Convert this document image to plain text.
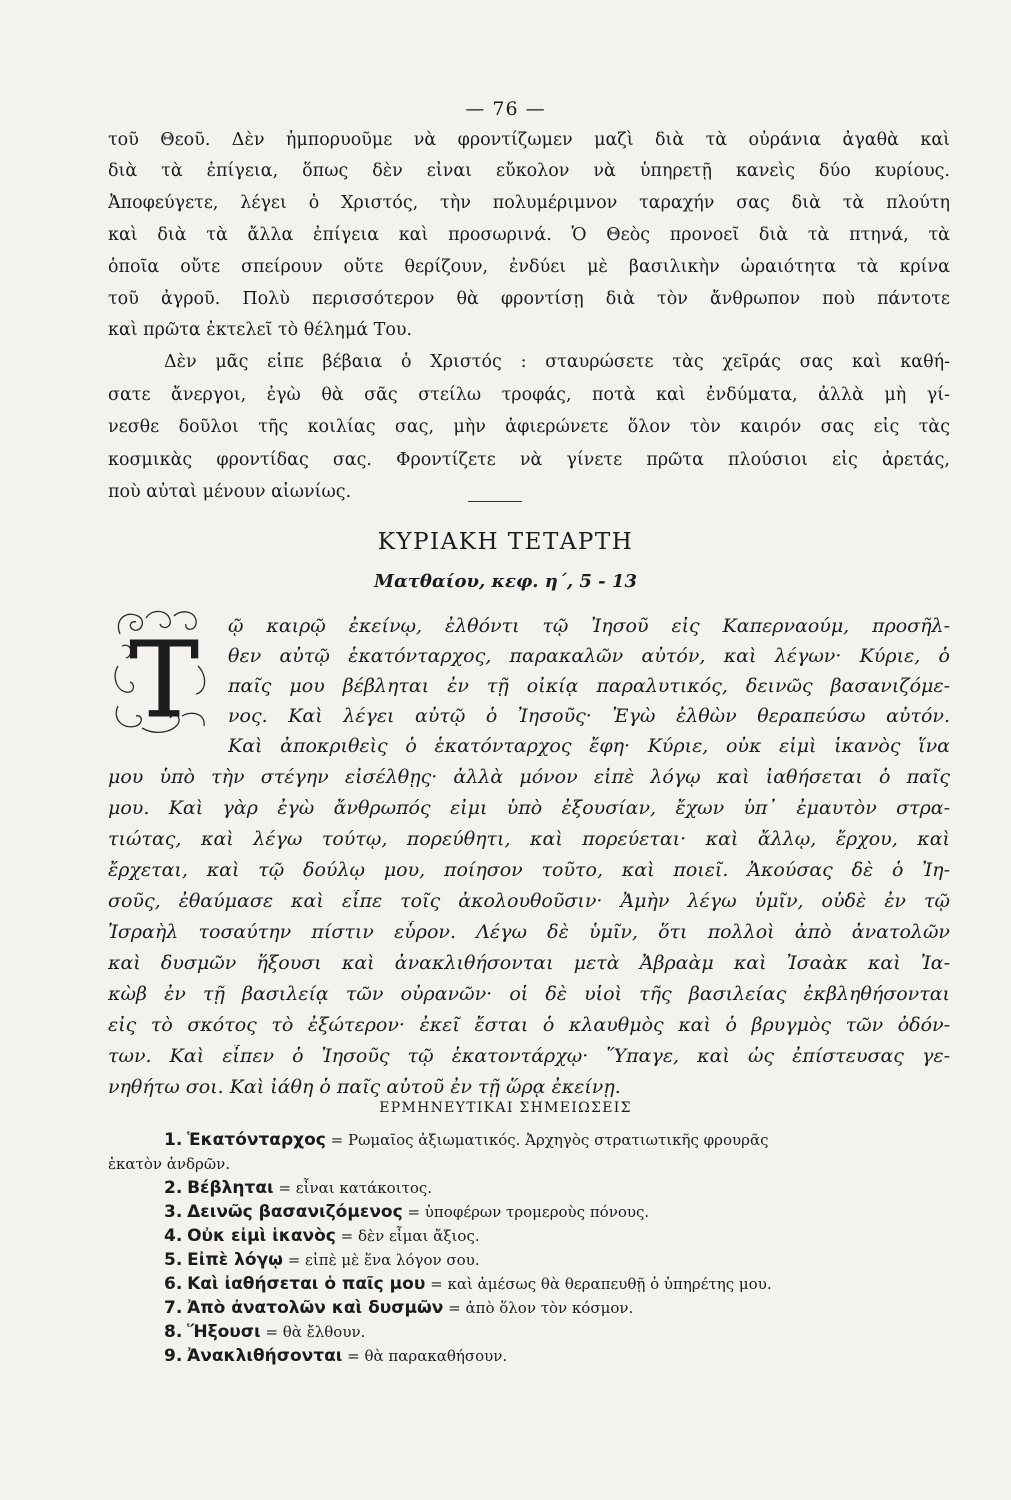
— 76 —
τοῦ Θεοῦ. Δὲν ἠμπορυοῦμε νὰ φροντίζωμεν μαζὶ διὰ τὰ οὐράνια ἀγαθὰ καὶ
διὰ τὰ ἐπίγεια, ὅπως δὲν εἶναι εὔκολον νὰ ὑπηρετῇ κανεὶς δύο κυρίους.
Ἀποφεύγετε, λέγει ὁ Χριστός, τὴν πολυμέριμνον ταραχήν σας διὰ τὰ πλούτη
καὶ διὰ τὰ ἄλλα ἐπίγεια καὶ προσωρινά. Ὁ Θεὸς προνοεῖ διὰ τὰ πτηνά, τὰ
ὁποῖα οὔτε σπείρουν οὔτε θερίζουν, ἐνδύει μὲ βασιλικὴν ὡραιότητα τὰ κρίνα
τοῦ ἀγροῦ. Πολὺ περισσότερον θὰ φροντίσῃ διὰ τὸν ἄνθρωπον ποὺ πάντοτε
καὶ πρῶτα ἐκτελεῖ τὸ θέλημά Του.
Δὲν μᾶς εἶπε βέβαια ὁ Χριστός : σταυρώσετε τὰς χεῖράς σας καὶ καθή-
σατε ἄνεργοι, ἐγὼ θὰ σᾶς στείλω τροφάς, ποτὰ καὶ ἐνδύματα, ἀλλὰ μὴ γί-
νεσθε δοῦλοι τῆς κοιλίας σας, μὴν ἀφιερώνετε ὅλον τὸν καιρόν σας εἰς τὰς
κοσμικὰς φροντίδας σας. Φροντίζετε νὰ γίνετε πρῶτα πλούσιοι εἰς ἀρετάς,
ποὺ αὐταὶ μένουν αἰωνίως.
ΚΥΡΙΑΚΗ ΤΕΤΑΡΤΗ
Ματθαίου, κεφ. η΄, 5 - 13
Τ ῷ καιρῷ ἐκείνῳ, ἐλθόντι τῷ Ἰησοῦ εἰς Καπερναούμ, προσῆλ-
θεν αὐτῷ ἑκατόνταρχος, παρακαλῶν αὐτόν, καὶ λέγων· Κύριε, ὁ
παῖς μου βέβληται ἐν τῇ οἰκίᾳ παραλυτικός, δεινῶς βασανιζόμε-
νος. Καὶ λέγει αὐτῷ ὁ Ἰησοῦς· Ἐγὼ ἐλθὼν θεραπεύσω αὐτόν.
Καὶ ἀποκριθεὶς ὁ ἑκατόνταρχος ἔφη· Κύριε, οὐκ εἰμὶ ἱκανὸς ἵνα
μου ὑπὸ τὴν στέγην εἰσέλθῃς· ἀλλὰ μόνον εἰπὲ λόγῳ καὶ ἰαθήσεται ὁ παῖς
μου. Καὶ γὰρ ἐγὼ ἄνθρωπός εἰμι ὑπὸ ἐξουσίαν, ἔχων ὑπ᾿ ἐμαυτὸν στρα-
τιώτας, καὶ λέγω τούτῳ, πορεύθητι, καὶ πορεύεται· καὶ ἄλλῳ, ἔρχου, καὶ
ἔρχεται, καὶ τῷ δούλῳ μου, ποίησον τοῦτο, καὶ ποιεῖ. Ἀκούσας δὲ ὁ Ἰη-
σοῦς, ἐθαύμασε καὶ εἶπε τοῖς ἀκολουθοῦσιν· Ἀμὴν λέγω ὑμῖν, οὐδὲ ἐν τῷ
Ἰσραὴλ τοσαύτην πίστιν εὗρον. Λέγω δὲ ὑμῖν, ὅτι πολλοὶ ἀπὸ ἀνατολῶν
καὶ δυσμῶν ἥξουσι καὶ ἀνακλιθήσονται μετὰ Ἀβραὰμ καὶ Ἰσαὰκ καὶ Ἰα-
κὼβ ἐν τῇ βασιλείᾳ τῶν οὐρανῶν· οἱ δὲ υἱοὶ τῆς βασιλείας ἐκβληθήσονται
εἰς τὸ σκότος τὸ ἐξώτερον· ἐκεῖ ἔσται ὁ κλαυθμὸς καὶ ὁ βρυγμὸς τῶν ὀδόν-
των. Καὶ εἶπεν ὁ Ἰησοῦς τῷ ἑκατοντάρχῳ· Ὕπαγε, καὶ ὡς ἐπίστευσας γε-
νηθήτω σοι. Καὶ ἰάθη ὁ παῖς αὐτοῦ ἐν τῇ ὥρᾳ ἐκείνῃ.
ΕΡΜΗΝΕΥΤΙΚΑΙ ΣΗΜΕΙΩΣΕΙΣ
1. Ἑκατόνταρχος = Ρωμαῖος ἀξιωματικός. Ἀρχηγὸς στρατιωτικῆς φρουρᾶς
ἑκατὸν ἀνδρῶν.
2. Βέβληται = εἶναι κατάκοιτος.
3. Δεινῶς βασανιζόμενος = ὑποφέρων τρομεροὺς πόνους.
4. Οὐκ εἰμὶ ἱκανὸς = δὲν εἶμαι ἄξιος.
5. Εἰπὲ λόγῳ = εἰπὲ μὲ ἕνα λόγον σου.
6. Καὶ ἰαθήσεται ὁ παῖς μου = καὶ ἀμέσως θὰ θεραπευθῇ ὁ ὑπηρέτης μου.
7. Ἀπὸ ἀνατολῶν καὶ δυσμῶν = ἀπὸ ὅλον τὸν κόσμον.
8. Ἥξουσι = θὰ ἔλθουν.
9. Ἀνακλιθήσονται = θὰ παρακαθήσουν.
